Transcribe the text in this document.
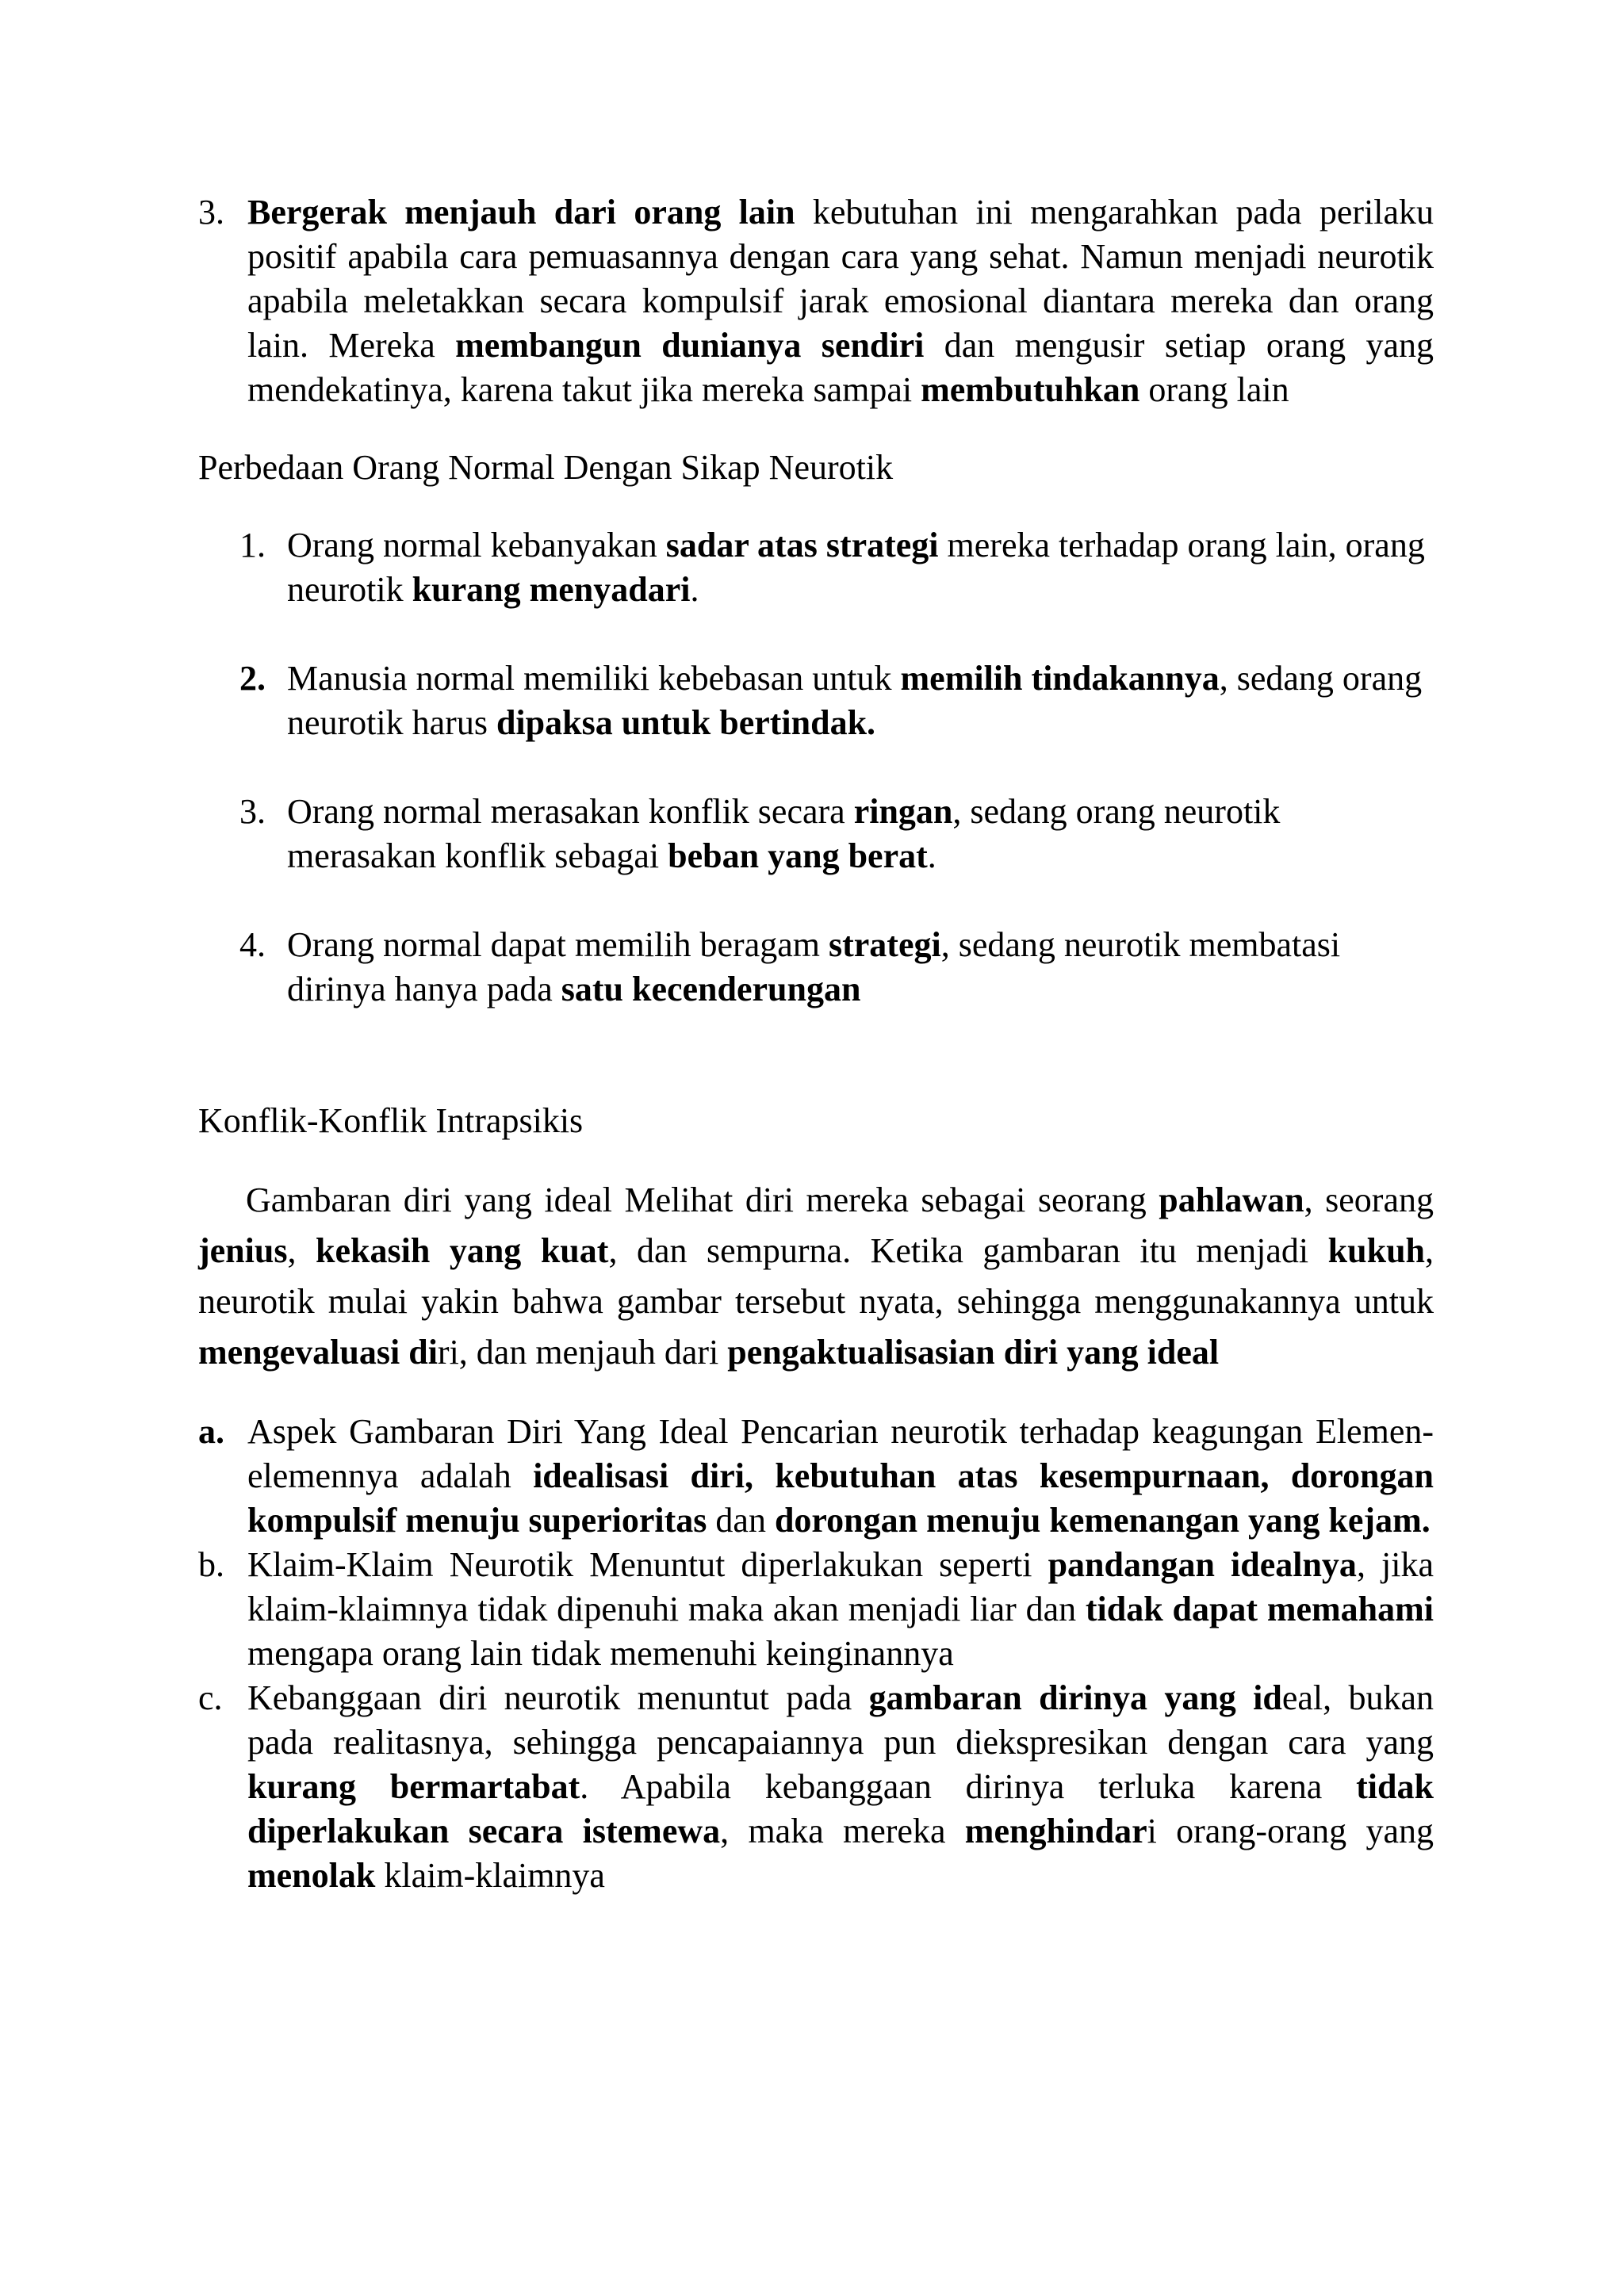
3. Bergerak menjauh dari orang lain kebutuhan ini mengarahkan pada perilaku positif apabila cara pemuasannya dengan cara yang sehat. Namun menjadi neurotik apabila meletakkan secara kompulsif jarak emosional diantara mereka dan orang lain. Mereka membangun dunianya sendiri dan mengusir setiap orang yang mendekatinya, karena takut jika mereka sampai membutuhkan orang lain
Perbedaan Orang Normal Dengan Sikap Neurotik
1. Orang normal kebanyakan sadar atas strategi mereka terhadap orang lain, orang neurotik kurang menyadari.
2. Manusia normal memiliki kebebasan untuk memilih tindakannya, sedang orang neurotik harus dipaksa untuk bertindak.
3. Orang normal merasakan konflik secara ringan, sedang orang neurotik merasakan konflik sebagai beban yang berat.
4. Orang normal dapat memilih beragam strategi, sedang neurotik membatasi dirinya hanya pada satu kecenderungan
Konflik-Konflik Intrapsikis
Gambaran diri yang ideal Melihat diri mereka sebagai seorang pahlawan, seorang jenius, kekasih yang kuat, dan sempurna. Ketika gambaran itu menjadi kukuh, neurotik mulai yakin bahwa gambar tersebut nyata, sehingga menggunakannya untuk mengevaluasi diri, dan menjauh dari pengaktualisasian diri yang ideal
a. Aspek Gambaran Diri Yang Ideal Pencarian neurotik terhadap keagungan Elemen-elemennya adalah idealisasi diri, kebutuhan atas kesempurnaan, dorongan kompulsif menuju superioritas dan dorongan menuju kemenangan yang kejam.
b. Klaim-Klaim Neurotik Menuntut diperlakukan seperti pandangan idealnya, jika klaim-klaimnya tidak dipenuhi maka akan menjadi liar dan tidak dapat memahami mengapa orang lain tidak memenuhi keinginannya
c. Kebanggaan diri neurotik menuntut pada gambaran dirinya yang ideal, bukan pada realitasnya, sehingga pencapaiannya pun diekspresikan dengan cara yang kurang bermartabat. Apabila kebanggaan dirinya terluka karena tidak diperlakukan secara istemewa, maka mereka menghindari orang-orang yang menolak klaim-klaimnya
